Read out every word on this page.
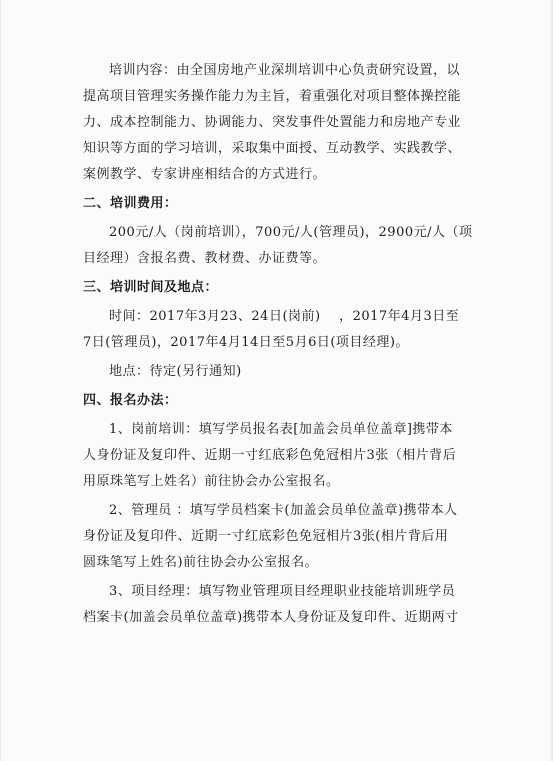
培训内容：由全国房地产业深圳培训中心负责研究设置，以
提高项目管理实务操作能力为主旨，着重强化对项目整体操控能
力、成本控制能力、协调能力、突发事件处置能力和房地产专业
知识等方面的学习培训，采取集中面授、互动教学、实践教学、
案例教学、专家讲座相结合的方式进行。
二、培训费用：
200元/人（岗前培训），700元/人(管理员)，2900元/人（项
目经理）含报名费、教材费、办证费等。
三、培训时间及地点：
时间：2017年3月23、24日(岗前)    ，2017年4月3日至
7日(管理员)，2017年4月14日至5月6日(项目经理)。
地点：待定(另行通知)
四、报名办法：
1、岗前培训：填写学员报名表[加盖会员单位盖章]携带本
人身份证及复印件、近期一寸红底彩色免冠相片3张（相片背后
用原珠笔写上姓名）前往协会办公室报名。
2、管理员 ：填写学员档案卡(加盖会员单位盖章)携带本人
身份证及复印件、近期一寸红底彩色免冠相片3张(相片背后用
圆珠笔写上姓名)前往协会办公室报名。
3、项目经理：填写物业管理项目经理职业技能培训班学员
档案卡(加盖会员单位盖章)携带本人身份证及复印件、近期两寸
